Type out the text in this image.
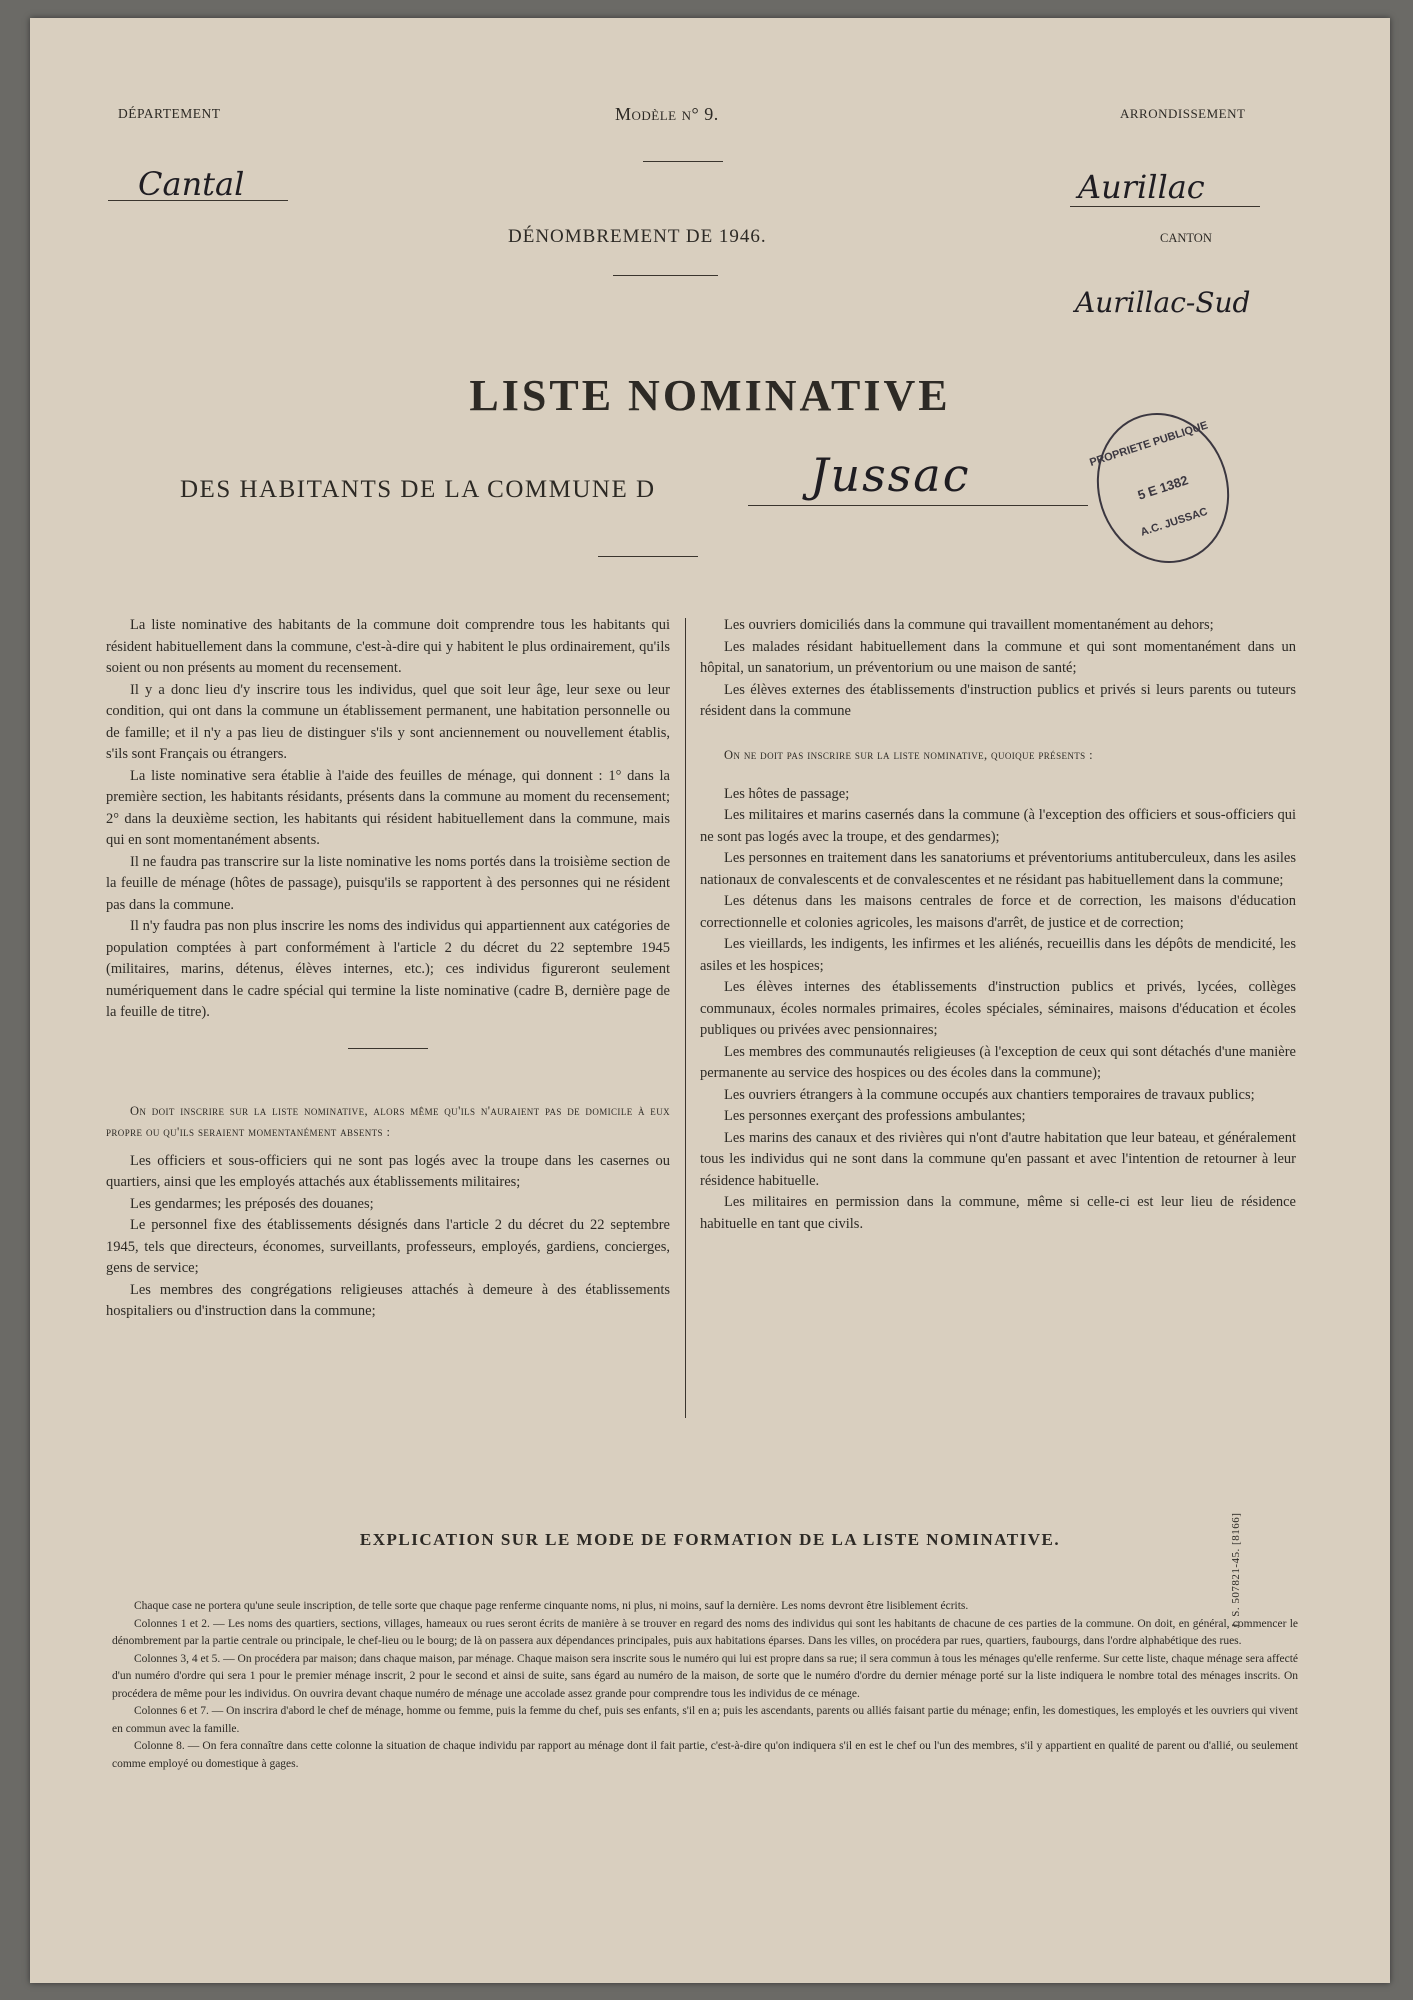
DÉPARTEMENT
Cantal
Modèle n° 9.	ARRONDISSEMENT
Aurillac
DÉNOMBREMENT DE 1946.	CANTON
Aurillac-Sud
LISTE NOMINATIVE
DES HABITANTS DE LA COMMUNE D	Jussac
PROPRIETE PUBLIQUE
5 E 1382
A.C. JUSSAC

La liste nominative des habitants de la commune doit comprendre tous les habitants qui résident habituellement dans la commune, c'est-à-dire qui y habitent le plus ordinairement, qu'ils soient ou non présents au moment du recensement.

Il y a donc lieu d'y inscrire tous les individus, quel que soit leur âge, leur sexe ou leur condition, qui ont dans la commune un établissement permanent, une habitation personnelle ou de famille; et il n'y a pas lieu de distinguer s'ils y sont anciennement ou nouvellement établis, s'ils sont Français ou étrangers.

La liste nominative sera établie à l'aide des feuilles de ménage, qui donnent : 1° dans la première section, les habitants résidants, présents dans la commune au moment du recensement; 2° dans la deuxième section, les habitants qui résident habituellement dans la commune, mais qui en sont momentanément absents.

Il ne faudra pas transcrire sur la liste nominative les noms portés dans la troisième section de la feuille de ménage (hôtes de passage), puisqu'ils se rapportent à des personnes qui ne résident pas dans la commune.

Il n'y faudra pas non plus inscrire les noms des individus qui appartiennent aux catégories de population comptées à part conformément à l'article 2 du décret du 22 septembre 1945 (militaires, marins, détenus, élèves internes, etc.); ces individus figureront seulement numériquement dans le cadre spécial qui termine la liste nominative (cadre B, dernière page de la feuille de titre).

On doit inscrire sur la liste nominative, alors même qu'ils n'auraient pas de domicile à eux propre ou qu'ils seraient momentanément absents :

Les officiers et sous-officiers qui ne sont pas logés avec la troupe dans les casernes ou quartiers, ainsi que les employés attachés aux établissements militaires;

Les gendarmes; les préposés des douanes;

Le personnel fixe des établissements désignés dans l'article 2 du décret du 22 septembre 1945, tels que directeurs, économes, surveillants, professeurs, employés, gardiens, concierges, gens de service;

Les membres des congrégations religieuses attachés à demeure à des établissements hospitaliers ou d'instruction dans la commune;

Les ouvriers domiciliés dans la commune qui travaillent momentanément au dehors;

Les malades résidant habituellement dans la commune et qui sont momentanément dans un hôpital, un sanatorium, un préventorium ou une maison de santé;

Les élèves externes des établissements d'instruction publics et privés si leurs parents ou tuteurs résident dans la commune

On ne doit pas inscrire sur la liste nominative, quoique présents :

Les hôtes de passage;

Les militaires et marins casernés dans la commune (à l'exception des officiers et sous-officiers qui ne sont pas logés avec la troupe, et des gendarmes);

Les personnes en traitement dans les sanatoriums et préventoriums antituberculeux, dans les asiles nationaux de convalescents et de convalescentes et ne résidant pas habituellement dans la commune;

Les détenus dans les maisons centrales de force et de correction, les maisons d'éducation correctionnelle et colonies agricoles, les maisons d'arrêt, de justice et de correction;

Les vieillards, les indigents, les infirmes et les aliénés, recueillis dans les dépôts de mendicité, les asiles et les hospices;

Les élèves internes des établissements d'instruction publics et privés, lycées, collèges communaux, écoles normales primaires, écoles spéciales, séminaires, maisons d'éducation et écoles publiques ou privées avec pensionnaires;

Les membres des communautés religieuses (à l'exception de ceux qui sont détachés d'une manière permanente au service des hospices ou des écoles dans la commune);

Les ouvriers étrangers à la commune occupés aux chantiers temporaires de travaux publics;

Les personnes exerçant des professions ambulantes;

Les marins des canaux et des rivières qui n'ont d'autre habitation que leur bateau, et généralement tous les individus qui ne sont dans la commune qu'en passant et avec l'intention de retourner à leur résidence habituelle.

Les militaires en permission dans la commune, même si celle-ci est leur lieu de résidence habituelle en tant que civils.

EXPLICATION SUR LE MODE DE FORMATION DE LA LISTE NOMINATIVE.

Chaque case ne portera qu'une seule inscription, de telle sorte que chaque page renferme cinquante noms, ni plus, ni moins, sauf la dernière. Les noms devront être lisiblement écrits.

Colonnes 1 et 2. — Les noms des quartiers, sections, villages, hameaux ou rues seront écrits de manière à se trouver en regard des noms des individus qui sont les habitants de chacune de ces parties de la commune. On doit, en général, commencer le dénombrement par la partie centrale ou principale, le chef-lieu ou le bourg; de là on passera aux dépendances principales, puis aux habitations éparses. Dans les villes, on procédera par rues, quartiers, faubourgs, dans l'ordre alphabétique des rues.

Colonnes 3, 4 et 5. — On procédera par maison; dans chaque maison, par ménage. Chaque maison sera inscrite sous le numéro qui lui est propre dans sa rue; il sera commun à tous les ménages qu'elle renferme. Sur cette liste, chaque ménage sera affecté d'un numéro d'ordre qui sera 1 pour le premier ménage inscrit, 2 pour le second et ainsi de suite, sans égard au numéro de la maison, de sorte que le numéro d'ordre du dernier ménage porté sur la liste indiquera le nombre total des ménages inscrits. On procédera de même pour les individus. On ouvrira devant chaque numéro de ménage une accolade assez grande pour comprendre tous les individus de ce ménage.

Colonnes 6 et 7. — On inscrira d'abord le chef de ménage, homme ou femme, puis la femme du chef, puis ses enfants, s'il en a; puis les ascendants, parents ou alliés faisant partie du ménage; enfin, les domestiques, les employés et les ouvriers qui vivent en commun avec la famille.

Colonne 8. — On fera connaître dans cette colonne la situation de chaque individu par rapport au ménage dont il fait partie, c'est-à-dire qu'on indiquera s'il en est le chef ou l'un des membres, s'il y appartient en qualité de parent ou d'allié, ou seulement comme employé ou domestique à gages.

J. S. 507821-45. [8166]
